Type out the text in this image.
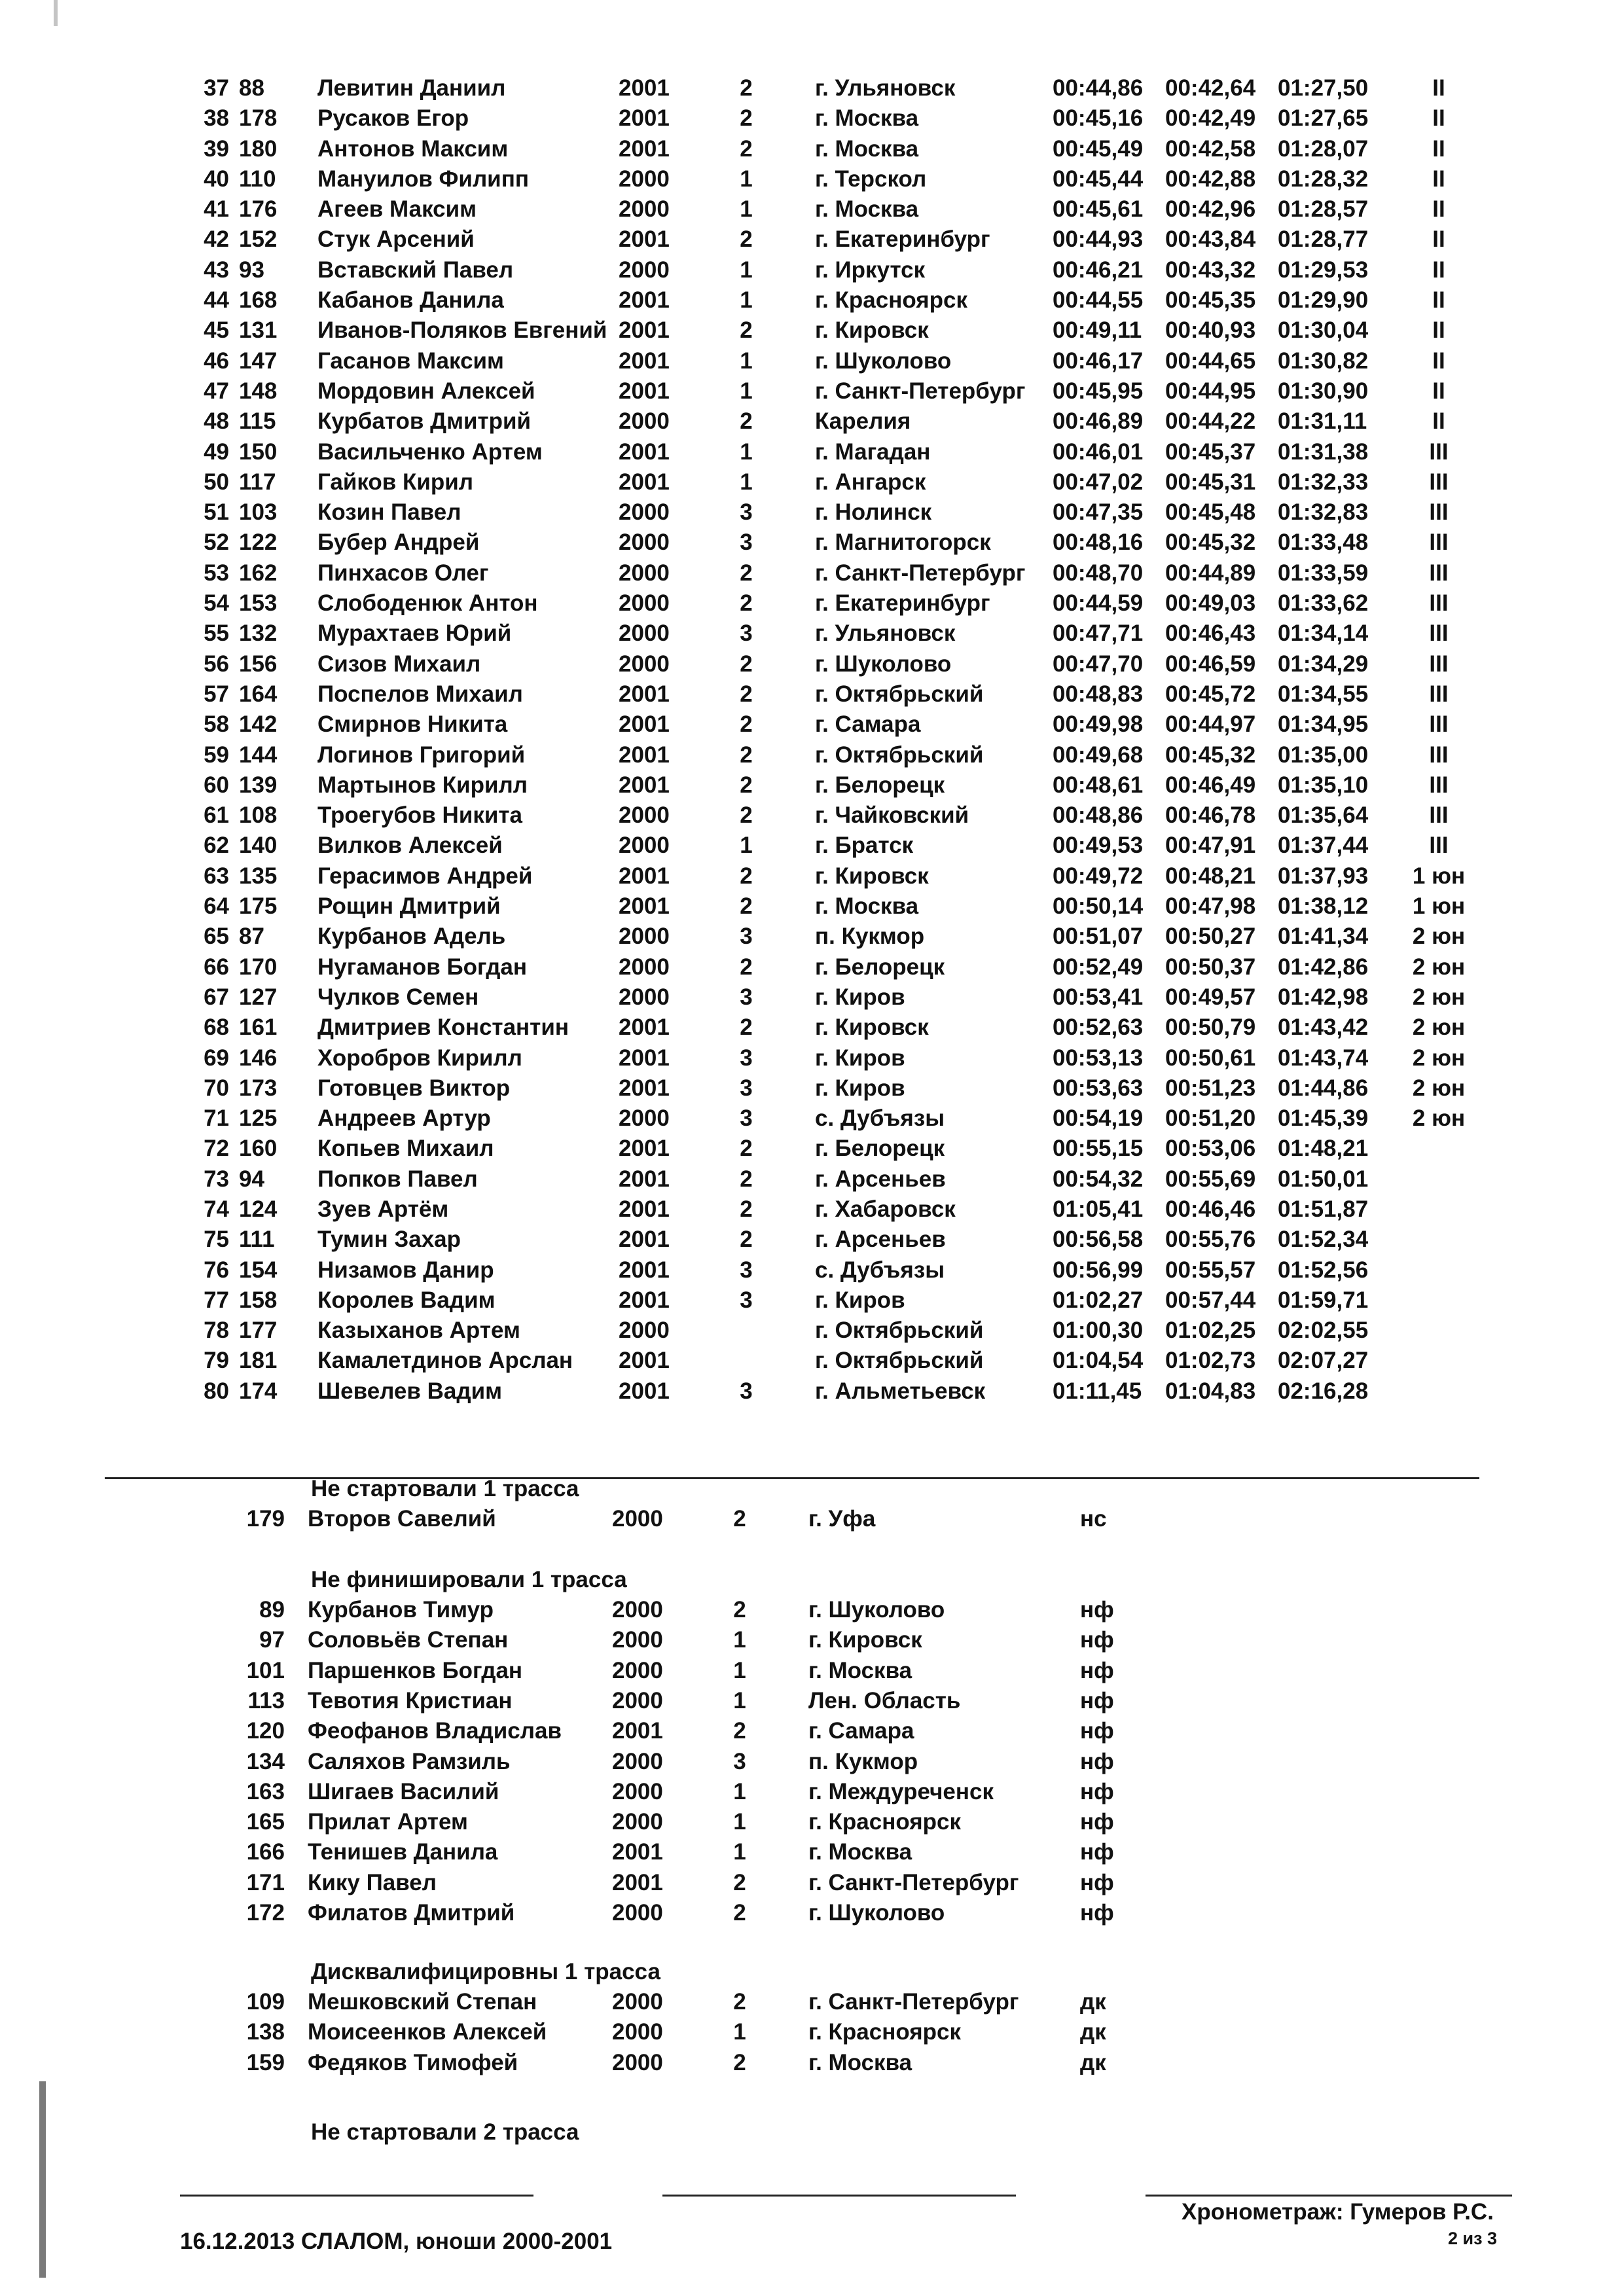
37 88	Левитин Даниил	2001	2	г. Ульяновск	00:44,86 00:42,64 01:27,50	II
38 178	Русаков Егор	2001	2	г. Москва	00:45,16 00:42,49 01:27,65	II
39 180	Антонов Максим	2001	2	г. Москва	00:45,49 00:42,58 01:28,07	II
40 110	Мануилов Филипп	2000	1	г. Терскол	00:45,44 00:42,88 01:28,32	II
41 176	Агеев Максим	2000	1	г. Москва	00:45,61 00:42,96 01:28,57	II
42 152	Стук Арсений	2001	2	г. Екатеринбург	00:44,93 00:43,84 01:28,77	II
43 93	Вставский Павел	2000	1	г. Иркутск	00:46,21 00:43,32 01:29,53	II
44 168	Кабанов Данила	2001	1	г. Красноярск	00:44,55 00:45,35 01:29,90	II
45 131	Иванов-Поляков Евгений 2001	2	г. Кировск	00:49,11 00:40,93 01:30,04	II
46 147	Гасанов Максим	2001	1	г. Шуколово	00:46,17 00:44,65 01:30,82	II
47 148	Мордовин Алексей	2001	1	г. Санкт-Петербург 00:45,95 00:44,95 01:30,90	II
48 115	Курбатов Дмитрий	2000	2	Карелия	00:46,89 00:44,22 01:31,11	II
49 150	Васильченко Артем	2001	1	г. Магадан	00:46,01 00:45,37 01:31,38	III
50 117	Гайков Кирил	2001	1	г. Ангарск	00:47,02 00:45,31 01:32,33	III
51 103	Козин Павел	2000	3	г. Нолинск	00:47,35 00:45,48 01:32,83	III
52 122	Бубер Андрей	2000	3	г. Магнитогорск	00:48,16 00:45,32 01:33,48	III
53 162	Пинхасов Олег	2000	2	г. Санкт-Петербург 00:48,70 00:44,89 01:33,59	III
54 153	Слободенюк Антон	2000	2	г. Екатеринбург	00:44,59 00:49,03 01:33,62	III
55 132	Мурахтаев Юрий	2000	3	г. Ульяновск	00:47,71 00:46,43 01:34,14	III
56 156	Сизов Михаил	2000	2	г. Шуколово	00:47,70 00:46,59 01:34,29	III
57 164	Поспелов Михаил	2001	2	г. Октябрьский	00:48,83 00:45,72 01:34,55	III
58 142	Смирнов Никита	2001	2	г. Самара	00:49,98 00:44,97 01:34,95	III
59 144	Логинов Григорий	2001	2	г. Октябрьский	00:49,68 00:45,32 01:35,00	III
60 139	Мартынов Кирилл	2001	2	г. Белорецк	00:48,61 00:46,49 01:35,10	III
61 108	Троегубов Никита	2000	2	г. Чайковский	00:48,86 00:46,78 01:35,64	III
62 140	Вилков Алексей	2000	1	г. Братск	00:49,53 00:47,91 01:37,44	III
63 135	Герасимов Андрей	2001	2	г. Кировск	00:49,72 00:48,21 01:37,93 1 юн
64 175	Рощин Дмитрий	2001	2	г. Москва	00:50,14 00:47,98 01:38,12 1 юн
65 87	Курбанов Адель	2000	3	п. Кукмор	00:51,07 00:50,27 01:41,34 2 юн
66 170	Нугаманов Богдан	2000	2	г. Белорецк	00:52,49 00:50,37 01:42,86 2 юн
67 127	Чулков Семен	2000	3	г. Киров	00:53,41 00:49,57 01:42,98 2 юн
68 161	Дмитриев Константин 2001	2	г. Кировск	00:52,63 00:50,79 01:43,42 2 юн
69 146	Хоробров Кирилл	2001	3	г. Киров	00:53,13 00:50,61 01:43,74 2 юн
70 173	Готовцев Виктор	2001	3	г. Киров	00:53,63 00:51,23 01:44,86 2 юн
71 125	Андреев Артур	2000	3	с. Дубъязы	00:54,19 00:51,20 01:45,39 2 юн
72 160	Копьев Михаил	2001	2	г. Белорецк	00:55,15 00:53,06 01:48,21
73 94	Попков Павел	2001	2	г. Арсеньев	00:54,32 00:55,69 01:50,01
74 124	Зуев Артём	2001	2	г. Хабаровск	01:05,41 00:46,46 01:51,87
75 111	Тумин Захар	2001	2	г. Арсеньев	00:56,58 00:55,76 01:52,34
76 154	Низамов Данир	2001	3	с. Дубъязы	00:56,99 00:55,57 01:52,56
77 158	Королев Вадим	2001	3	г. Киров	01:02,27 00:57,44 01:59,71
78 177	Казыханов Артем	2000	г. Октябрьский	01:00,30 01:02,25 02:02,55
79 181	Камалетдинов Арслан 2001	г. Октябрьский	01:04,54 01:02,73 02:07,27
80 174	Шевелев Вадим	2001	3	г. Альметьевск	01:11,45 01:04,83 02:16,28
Не стартовали 1 трасса
179 Второв Савелий	2000	2	г. Уфа	нс
Не финишировали 1 трасса
89 Курбанов Тимур	2000	2	г. Шуколово	нф
97 Соловьёв Степан	2000	1	г. Кировск	нф
101 Паршенков Богдан	2000	1	г. Москва	нф
113 Тевотия Кристиан	2000	1	Лен. Область	нф
120 Феофанов Владислав 2001	2	г. Самара	нф
134 Саляхов Рамзиль	2000	3	п. Кукмор	нф
163 Шигаев Василий	2000	1	г. Междуреченск	нф
165 Прилат Артем	2000	1	г. Красноярск	нф
166 Тенишев Данила	2001	1	г. Москва	нф
171 Кику Павел	2001	2	г. Санкт-Петербург	нф
172 Филатов Дмитрий	2000	2	г. Шуколово	нф
Дисквалифицировны 1 трасса
109 Мешковский Степан	2000	2	г. Санкт-Петербург	дк
138 Моисеенков Алексей	2000	1	г. Красноярск	дк
159 Федяков Тимофей	2000	2	г. Москва	дк
Не стартовали 2 трасса
16.12.2013 СЛАЛОМ, юноши 2000-2001
Хронометраж: Гумеров Р.С.
2 из 3
